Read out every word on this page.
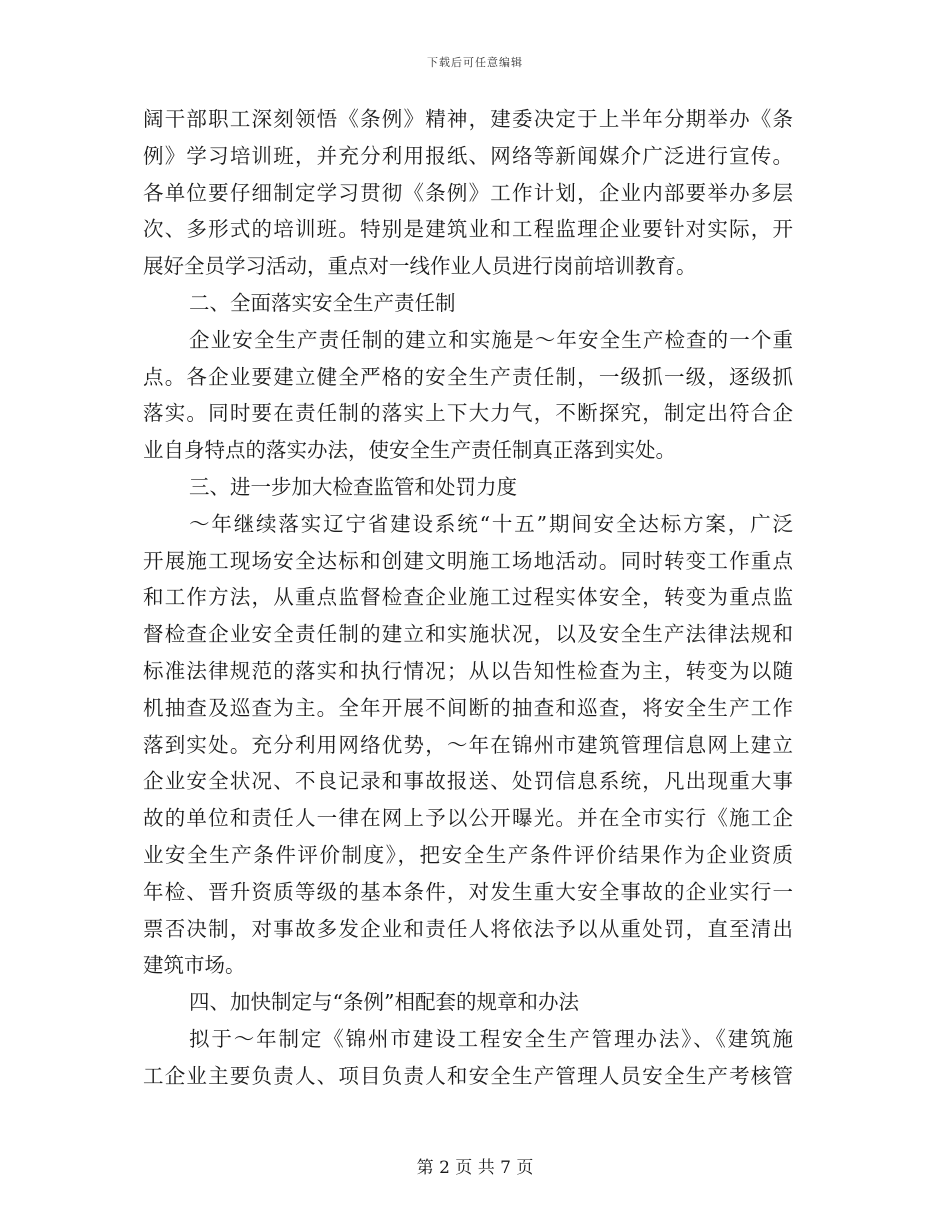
下载后可任意编辑
阔干部职工深刻领悟《条例》精神，建委决定于上半年分期举办《条
例》学习培训班，并充分利用报纸、网络等新闻媒介广泛进行宣传。
各单位要仔细制定学习贯彻《条例》工作计划，企业内部要举办多层
次、多形式的培训班。特别是建筑业和工程监理企业要针对实际，开
展好全员学习活动，重点对一线作业人员进行岗前培训教育。
二、全面落实安全生产责任制
企业安全生产责任制的建立和实施是～年安全生产检查的一个重
点。各企业要建立健全严格的安全生产责任制，一级抓一级，逐级抓
落实。同时要在责任制的落实上下大力气，不断探究，制定出符合企
业自身特点的落实办法，使安全生产责任制真正落到实处。
三、进一步加大检查监管和处罚力度
～年继续落实辽宁省建设系统“十五”期间安全达标方案，广泛
开展施工现场安全达标和创建文明施工场地活动。同时转变工作重点
和工作方法，从重点监督检查企业施工过程实体安全，转变为重点监
督检查企业安全责任制的建立和实施状况，以及安全生产法律法规和
标准法律规范的落实和执行情况；从以告知性检查为主，转变为以随
机抽查及巡查为主。全年开展不间断的抽查和巡查，将安全生产工作
落到实处。充分利用网络优势，～年在锦州市建筑管理信息网上建立
企业安全状况、不良记录和事故报送、处罚信息系统，凡出现重大事
故的单位和责任人一律在网上予以公开曝光。并在全市实行《施工企
业安全生产条件评价制度》，把安全生产条件评价结果作为企业资质
年检、晋升资质等级的基本条件，对发生重大安全事故的企业实行一
票否决制，对事故多发企业和责任人将依法予以从重处罚，直至清出
建筑市场。
四、加快制定与“条例”相配套的规章和办法
拟于～年制定《锦州市建设工程安全生产管理办法》、《建筑施
工企业主要负责人、项目负责人和安全生产管理人员安全生产考核管
第 2 页 共 7 页
